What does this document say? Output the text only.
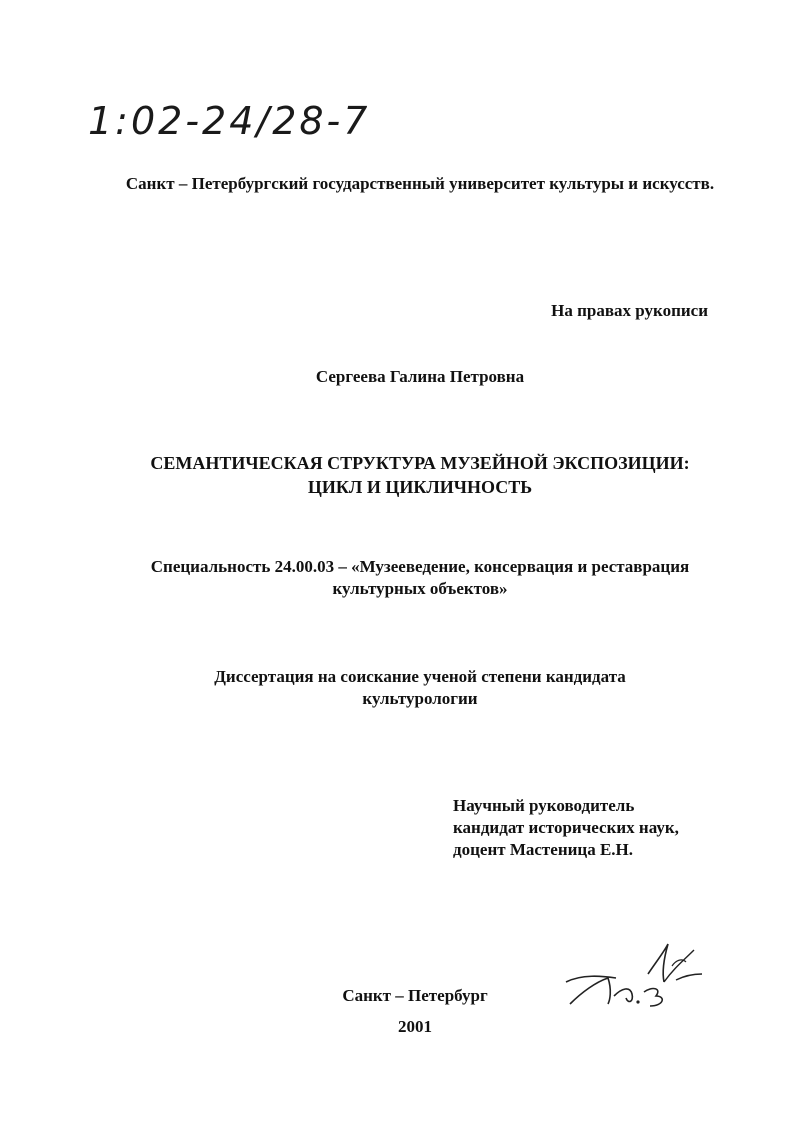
1:02-24/28-7
Санкт – Петербургский государственный университет культуры и искусств.
На правах рукописи
Сергеева Галина Петровна
СЕМАНТИЧЕСКАЯ СТРУКТУРА МУЗЕЙНОЙ ЭКСПОЗИЦИИ:
ЦИКЛ И ЦИКЛИЧНОСТЬ
Специальность 24.00.03 – «Музееведение, консервация и реставрация
культурных объектов»
Диссертация на соискание ученой степени кандидата
культурологии
Научный руководитель
кандидат исторических наук,
доцент Мастеница Е.Н.
Санкт – Петербург
2001
